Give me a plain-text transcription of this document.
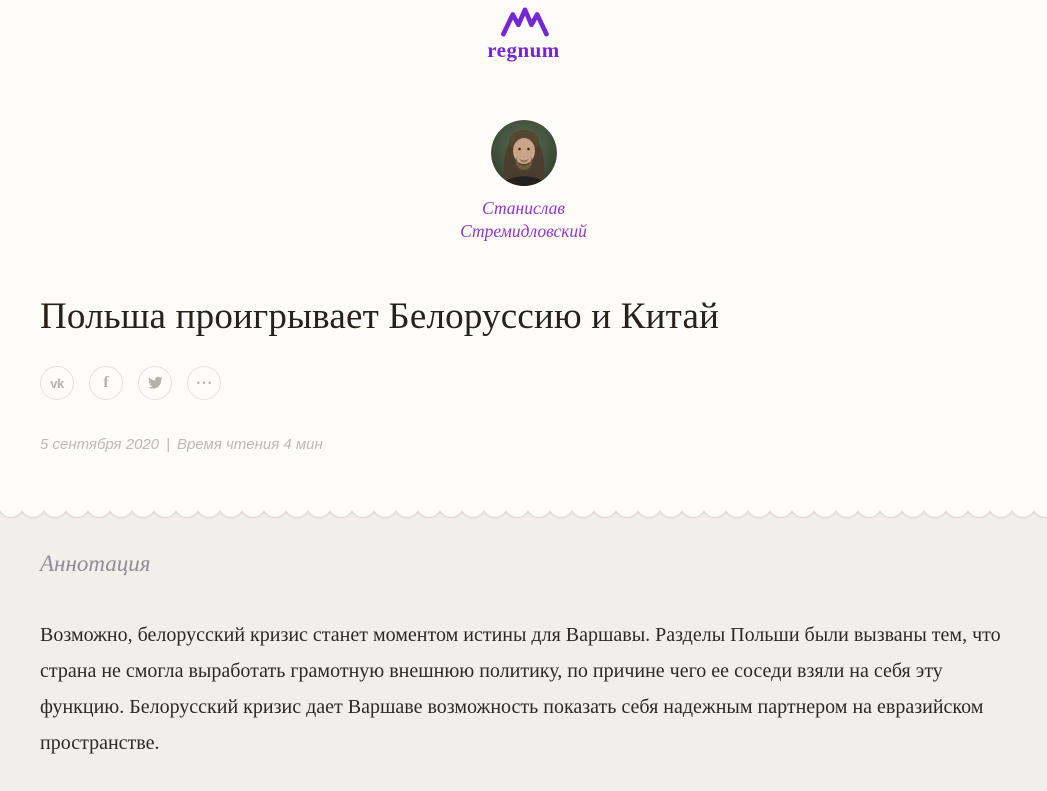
regnum
Станислав
Стремидловский
Польша проигрывает Белоруссию и Китай
vk f	•••
5 сентября 2020 | Время чтения 4 мин
Аннотация

Возможно, белорусский кризис станет моментом истины для Варшавы. Разделы Польши были вызваны тем, что страна не смогла выработать грамотную внешнюю политику, по причине чего ее соседи взяли на себя эту функцию. Белорусский кризис дает Варшаве возможность показать себя надежным партнером на евразийском пространстве.
